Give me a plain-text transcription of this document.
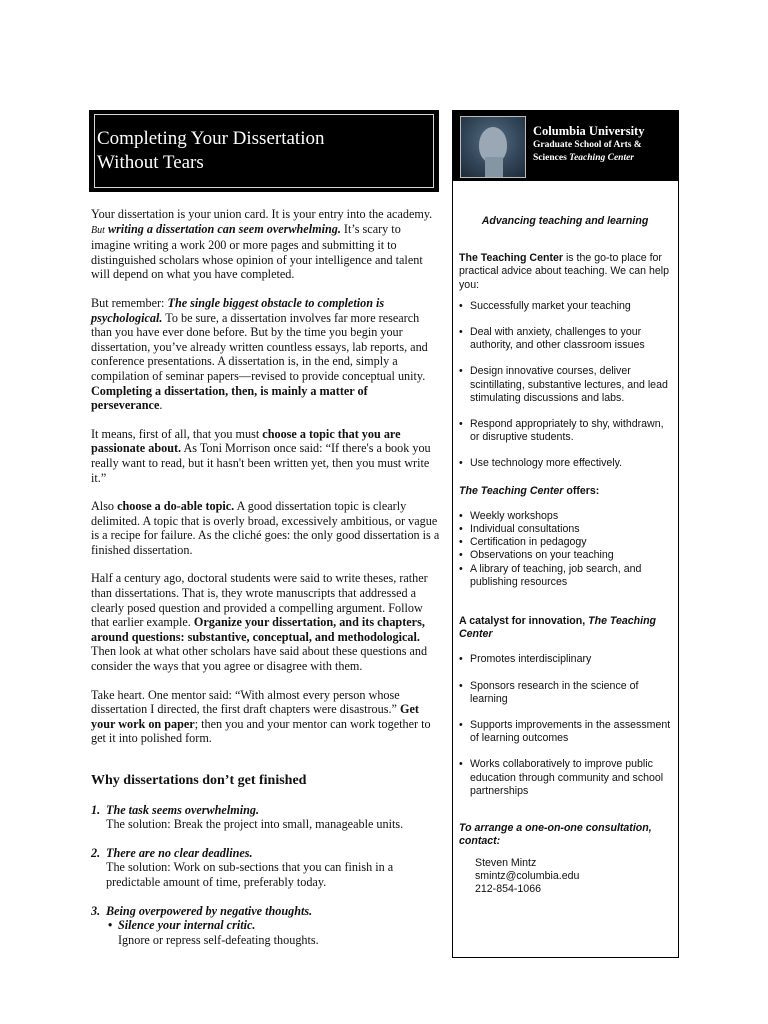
Completing Your Dissertation
Without Tears

Your dissertation is your union card. It is your entry into the academy. But writing a dissertation can seem overwhelming. It’s scary to imagine writing a work 200 or more pages and submitting it to distinguished scholars whose opinion of your intelligence and talent will depend on what you have completed.

But remember: The single biggest obstacle to completion is psychological. To be sure, a dissertation involves far more research than you have ever done before. But by the time you begin your dissertation, you’ve already written countless essays, lab reports, and conference presentations. A dissertation is, in the end, simply a compilation of seminar papers—revised to provide conceptual unity. Completing a dissertation, then, is mainly a matter of perseverance.

It means, first of all, that you must choose a topic that you are passionate about. As Toni Morrison once said: “If there's a book you really want to read, but it hasn't been written yet, then you must write it.”

Also choose a do-able topic. A good dissertation topic is clearly delimited. A topic that is overly broad, excessively ambitious, or vague is a recipe for failure. As the cliché goes: the only good dissertation is a finished dissertation.

Half a century ago, doctoral students were said to write theses, rather than dissertations. That is, they wrote manuscripts that addressed a clearly posed question and provided a compelling argument. Follow that earlier example. Organize your dissertation, and its chapters, around questions: substantive, conceptual, and methodological. Then look at what other scholars have said about these questions and consider the ways that you agree or disagree with them.

Take heart. One mentor said: “With almost every person whose dissertation I directed, the first draft chapters were disastrous.” Get your work on paper; then you and your mentor can work together to get it into polished form.

Why dissertations don’t get finished
1. The task seems overwhelming.
The solution: Break the project into small, manageable units.
2. There are no clear deadlines.
The solution: Work on sub-sections that you can finish in a predictable amount of time, preferably today.
3. Being overpowered by negative thoughts.
• Silence your internal critic.
Ignore or repress self-defeating thoughts.
Columbia University
Graduate School of Arts &
Sciences Teaching Center
Advancing teaching and learning

The Teaching Center is the go-to place for practical advice about teaching. We can help you:

• Successfully market your teaching
• Deal with anxiety, challenges to your authority, and other classroom issues
• Design innovative courses, deliver scintillating, substantive lectures, and lead stimulating discussions and labs.
• Respond appropriately to shy, withdrawn, or disruptive students.
• Use technology more effectively.
The Teaching Center offers:
• Weekly workshops
• Individual consultations
• Certification in pedagogy
• Observations on your teaching
• A library of teaching, job search, and publishing resources
A catalyst for innovation, The Teaching Center
• Promotes interdisciplinary
• Sponsors research in the science of learning
• Supports improvements in the assessment of learning outcomes
• Works collaboratively to improve public education through community and school partnerships
To arrange a one-on-one consultation, contact:
Steven Mintz
smintz@columbia.edu
212-854-1066
